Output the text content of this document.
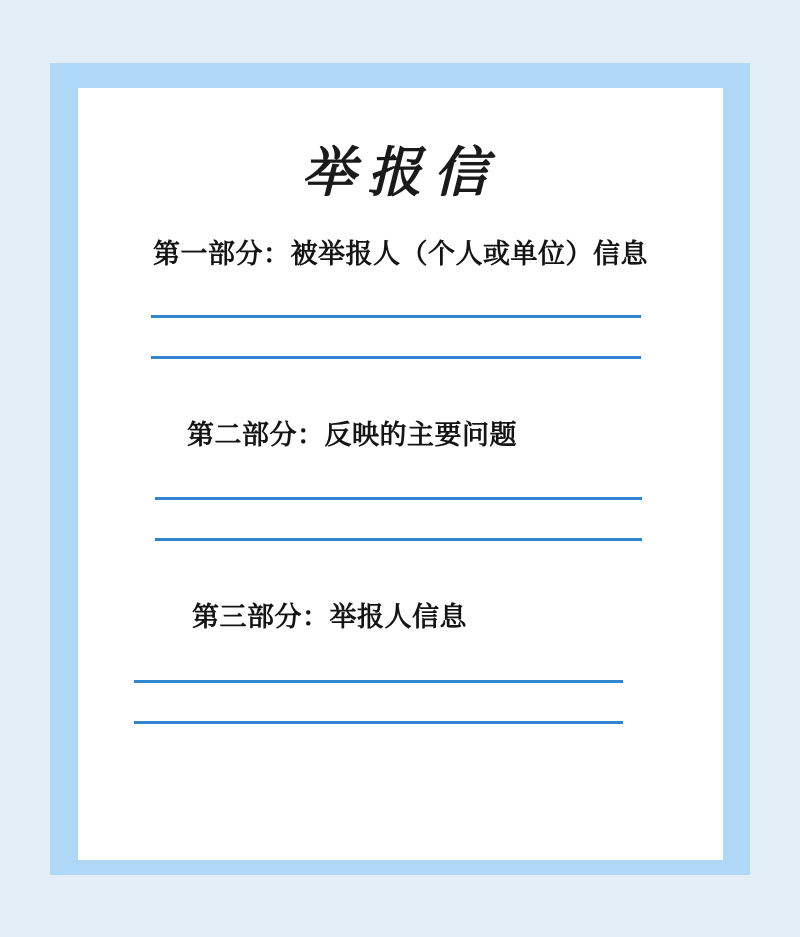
举报信
第一部分：被举报人（个人或单位）信息
第二部分：反映的主要问题
第三部分：举报人信息
